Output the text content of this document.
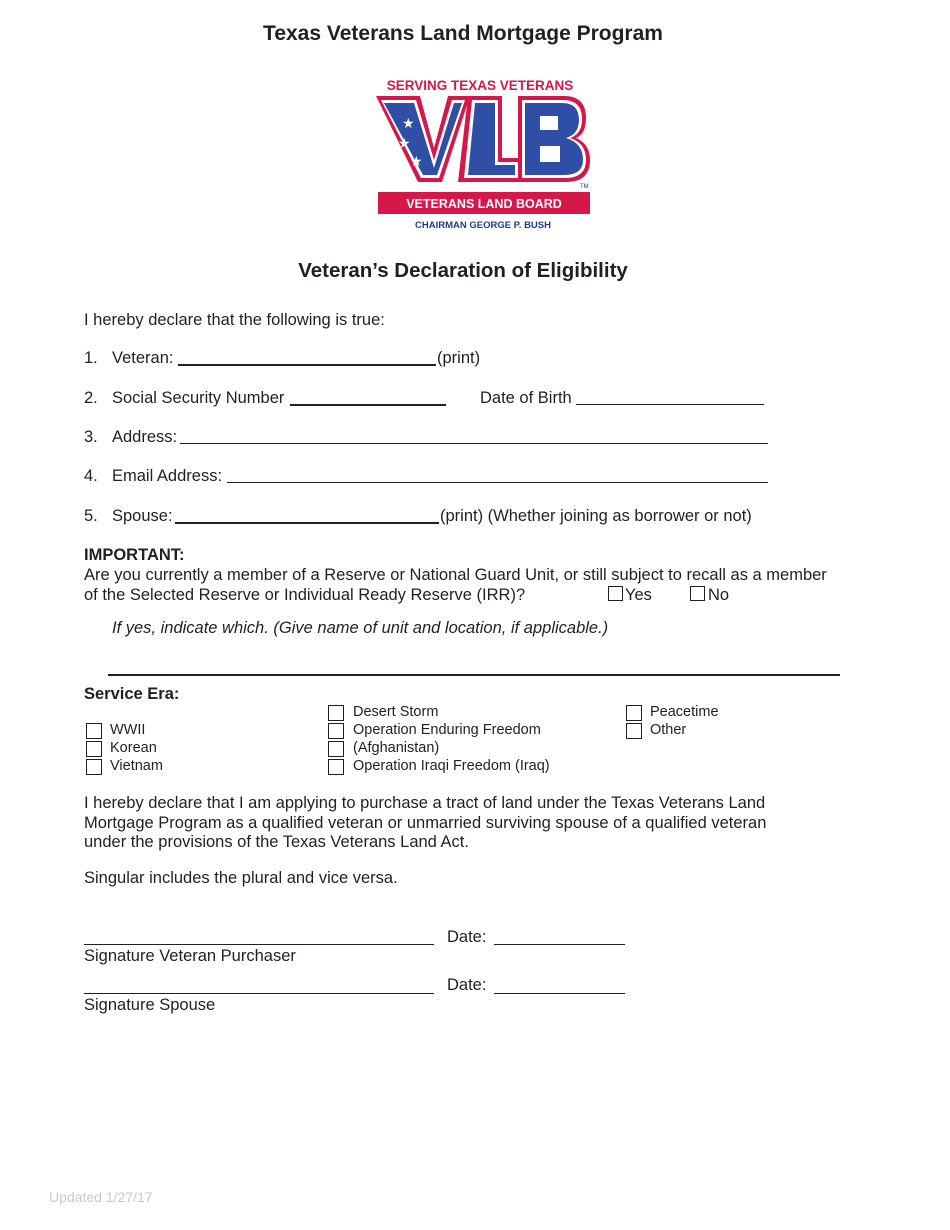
Texas Veterans Land Mortgage Program
SERVING TEXAS VETERANS
★
★
★
TM
VETERANS LAND BOARD
CHAIRMAN GEORGE P. BUSH
Veteran’s Declaration of Eligibility
I hereby declare that the following is true:
1. Veteran:	(print)
2. Social Security Number	Date of Birth
3. Address:
4. Email Address:
5. Spouse:	(print) (Whether joining as borrower or not)
IMPORTANT:
Are you currently a member of a Reserve or National Guard Unit, or still subject to recall as a member
of the Selected Reserve or Individual Ready Reserve (IRR)?	Yes	No
If yes, indicate which. (Give name of unit and location, if applicable.)
Service Era:
WWII
Korean
Vietnam
Desert Storm
Operation Enduring Freedom
(Afghanistan)
Operation Iraqi Freedom (Iraq)
Peacetime
Other
I hereby declare that I am applying to purchase a tract of land under the Texas Veterans Land
Mortgage Program as a qualified veteran or unmarried surviving spouse of a qualified veteran
under the provisions of the Texas Veterans Land Act.
Singular includes the plural and vice versa.
Date:
Signature Veteran Purchaser
Date:
Signature Spouse
Updated 1/27/17
